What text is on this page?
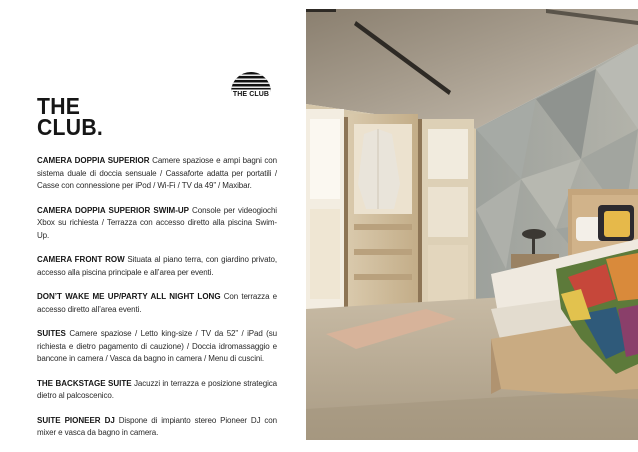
THE CLUB
THE
CLUB.

CAMERA DOPPIA SUPERIOR Camere spaziose e ampi bagni con sistema duale di doccia sensuale / Cassaforte adatta per portatili / Casse con connessione per iPod / Wi-Fi / TV da 49” / Maxibar.

CAMERA DOPPIA SUPERIOR SWIM-UP Console per videogiochi Xbox su richiesta / Terrazza con accesso diretto alla piscina Swim-Up.

CAMERA FRONT ROW Situata al piano terra, con giardino privato, accesso alla piscina principale e all’area per eventi.

DON’T WAKE ME UP/PARTY ALL NIGHT LONG Con terrazza e accesso diretto all’area eventi.

SUITES Camere spaziose / Letto king-size / TV da 52” / iPad (su richiesta e dietro pagamento di cauzione) / Doccia idromassaggio e bancone in camera / Vasca da bagno in camera / Menu di cuscini.

THE BACKSTAGE SUITE Jacuzzi in terrazza e posizione strategica dietro al palcoscenico.

SUITE PIONEER DJ Dispone di impianto stereo Pioneer DJ con mixer e vasca da bagno in camera.
